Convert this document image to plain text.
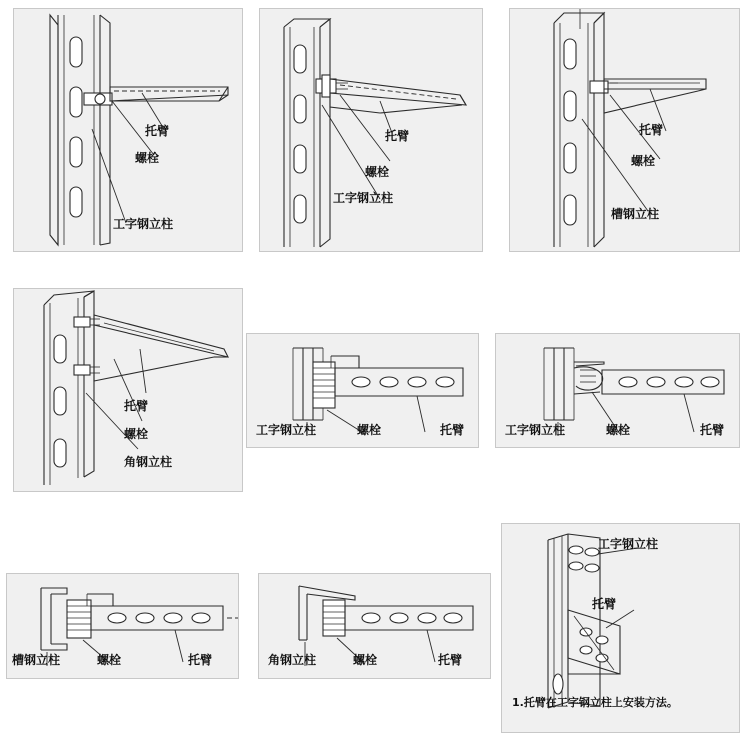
托臂
螺栓
工字钢立柱
托臂
螺栓
工字钢立柱
托臂
螺栓
槽钢立柱
托臂
螺栓
角钢立柱
工字钢立柱	螺栓	托臂	工字钢立柱	螺栓	托臂
槽钢立柱	螺栓	托臂	角钢立柱	螺栓	托臂
工字钢立柱
托臂
1.托臂在工字钢立柱上安装方法。
